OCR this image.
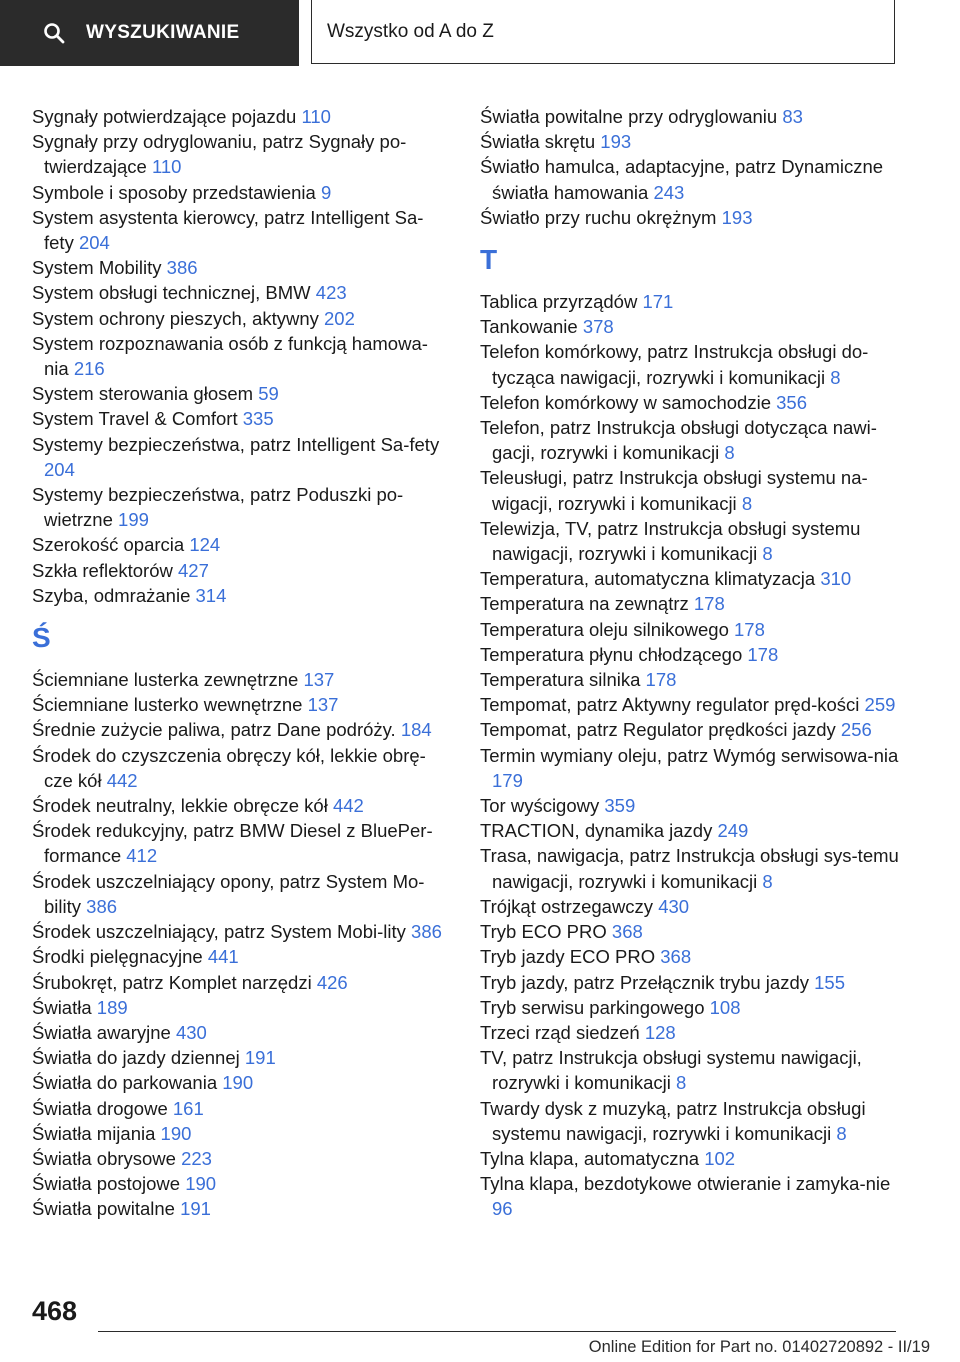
WYSZUKIWANIE	Wszystko od A do Z
Sygnały potwierdzające pojazdu 110
Sygnały przy odryglowaniu, patrz Sygnały po‐twierdzające 110
Symbole i sposoby przedstawienia 9
System asystenta kierowcy, patrz Intelligent Sa‐fety 204
System Mobility 386
System obsługi technicznej, BMW 423
System ochrony pieszych, aktywny 202
System rozpoznawania osób z funkcją hamowa‐nia 216
System sterowania głosem 59
System Travel & Comfort 335
Systemy bezpieczeństwa, patrz Intelligent Sa‐fety 204
Systemy bezpieczeństwa, patrz Poduszki po‐wietrzne 199
Szerokość oparcia 124
Szkła reflektorów 427
Szyba, odmrażanie 314
Ś
Ściemniane lusterka zewnętrzne 137
Ściemniane lusterko wewnętrzne 137
Średnie zużycie paliwa, patrz Dane podróży. 184
Środek do czyszczenia obręczy kół, lekkie obrę‐cze kół 442
Środek neutralny, lekkie obręcze kół 442
Środek redukcyjny, patrz BMW Diesel z BluePer‐formance 412
Środek uszczelniający opony, patrz System Mo‐bility 386
Środek uszczelniający, patrz System Mobi‐lity 386
Środki pielęgnacyjne 441
Śrubokręt, patrz Komplet narzędzi 426
Światła 189
Światła awaryjne 430
Światła do jazdy dziennej 191
Światła do parkowania 190
Światła drogowe 161
Światła mijania 190
Światła obrysowe 223
Światła postojowe 190
Światła powitalne 191
Światła powitalne przy odryglowaniu 83
Światła skrętu 193
Światło hamulca, adaptacyjne, patrz Dynamiczne światła hamowania 243
Światło przy ruchu okrężnym 193
T
Tablica przyrządów 171
Tankowanie 378
Telefon komórkowy, patrz Instrukcja obsługi do‐tycząca nawigacji, rozrywki i komunikacji 8
Telefon komórkowy w samochodzie 356
Telefon, patrz Instrukcja obsługi dotycząca nawi‐gacji, rozrywki i komunikacji 8
Teleusługi, patrz Instrukcja obsługi systemu na‐wigacji, rozrywki i komunikacji 8
Telewizja, TV, patrz Instrukcja obsługi systemu nawigacji, rozrywki i komunikacji 8
Temperatura, automatyczna klimatyzacja 310
Temperatura na zewnątrz 178
Temperatura oleju silnikowego 178
Temperatura płynu chłodzącego 178
Temperatura silnika 178
Tempomat, patrz Aktywny regulator pręd‐kości 259
Tempomat, patrz Regulator prędkości jazdy 256
Termin wymiany oleju, patrz Wymóg serwisowa‐nia 179
Tor wyścigowy 359
TRACTION, dynamika jazdy 249
Trasa, nawigacja, patrz Instrukcja obsługi sys‐temu nawigacji, rozrywki i komunikacji 8
Trójkąt ostrzegawczy 430
Tryb ECO PRO 368
Tryb jazdy ECO PRO 368
Tryb jazdy, patrz Przełącznik trybu jazdy 155
Tryb serwisu parkingowego 108
Trzeci rząd siedzeń 128
TV, patrz Instrukcja obsługi systemu nawigacji, rozrywki i komunikacji 8
Twardy dysk z muzyką, patrz Instrukcja obsługi systemu nawigacji, rozrywki i komunikacji 8
Tylna klapa, automatyczna 102
Tylna klapa, bezdotykowe otwieranie i zamyka‐nie 96
468
Online Edition for Part no. 01402720892 - II/19
